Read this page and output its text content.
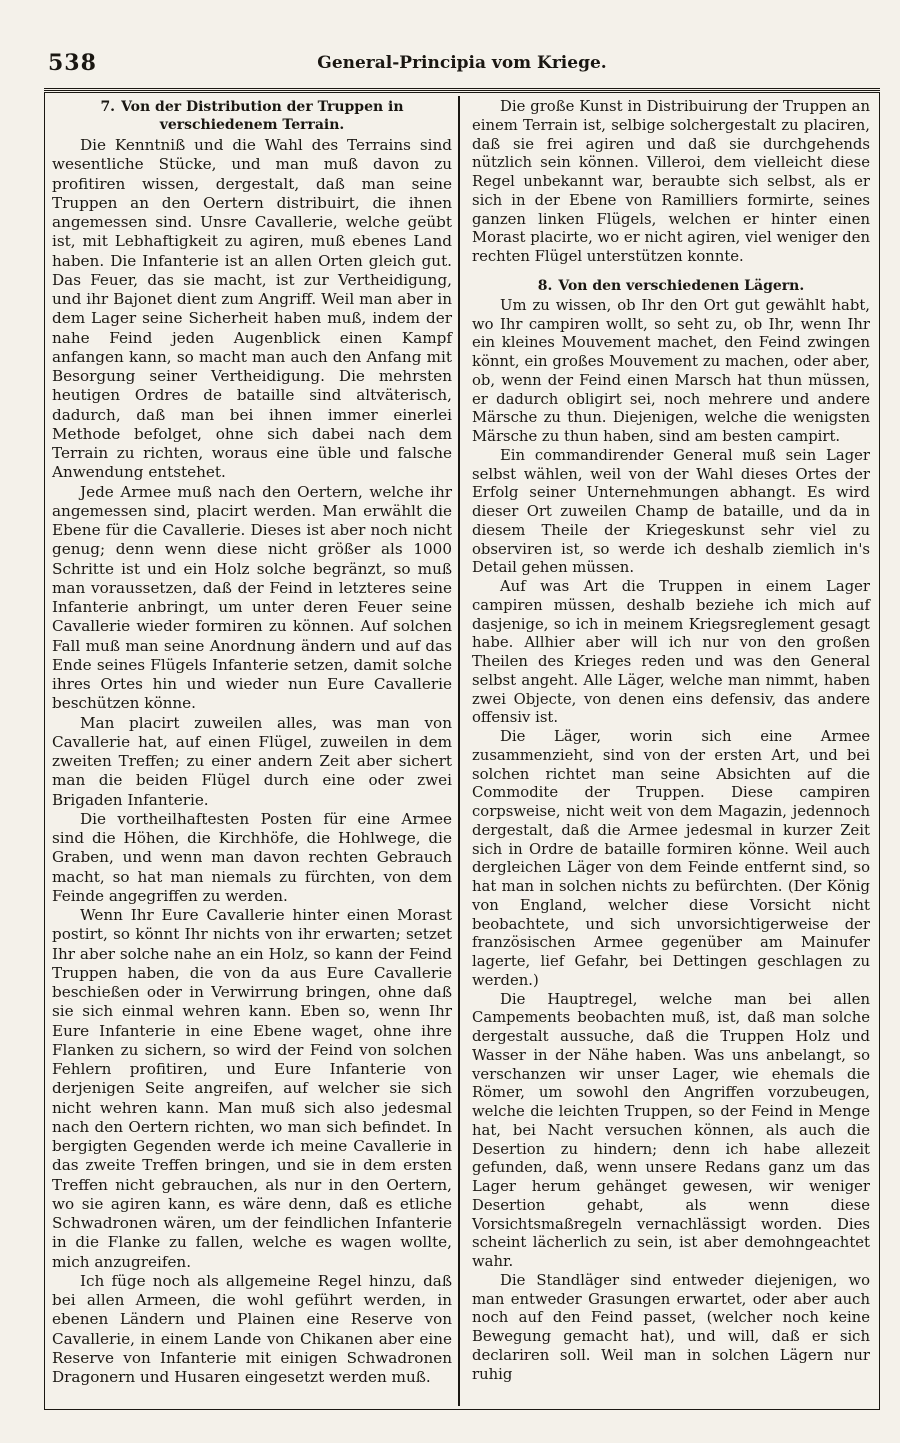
538	General-Principia vom Kriege.
7. Von der Distribution der Truppen in verschiedenem Terrain.

Die Kenntniß und die Wahl des Terrains sind wesentliche Stücke, und man muß davon zu profitiren wissen, dergestalt, daß man seine Truppen an den Oertern distribuirt, die ihnen angemessen sind. Unsre Cavallerie, welche geübt ist, mit Lebhaftigkeit zu agiren, muß ebenes Land haben. Die Infanterie ist an allen Orten gleich gut. Das Feuer, das sie macht, ist zur Vertheidigung, und ihr Bajonet dient zum Angriff. Weil man aber in dem Lager seine Sicherheit haben muß, indem der nahe Feind jeden Augenblick einen Kampf anfangen kann, so macht man auch den Anfang mit Besorgung seiner Vertheidigung. Die mehrsten heutigen Ordres de bataille sind altväterisch, dadurch, daß man bei ihnen immer einerlei Methode befolget, ohne sich dabei nach dem Terrain zu richten, woraus eine üble und falsche Anwendung entstehet.

Jede Armee muß nach den Oertern, welche ihr angemessen sind, placirt werden. Man erwählt die Ebene für die Cavallerie. Dieses ist aber noch nicht genug; denn wenn diese nicht größer als 1000 Schritte ist und ein Holz solche begränzt, so muß man voraussetzen, daß der Feind in letzteres seine Infanterie anbringt, um unter deren Feuer seine Cavallerie wieder formiren zu können. Auf solchen Fall muß man seine Anordnung ändern und auf das Ende seines Flügels Infanterie setzen, damit solche ihres Ortes hin und wieder nun Eure Cavallerie beschützen könne.

Man placirt zuweilen alles, was man von Cavallerie hat, auf einen Flügel, zuweilen in dem zweiten Treffen; zu einer andern Zeit aber sichert man die beiden Flügel durch eine oder zwei Brigaden Infanterie.

Die vortheilhaftesten Posten für eine Armee sind die Höhen, die Kirchhöfe, die Hohlwege, die Graben, und wenn man davon rechten Gebrauch macht, so hat man niemals zu fürchten, von dem Feinde angegriffen zu werden.

Wenn Ihr Eure Cavallerie hinter einen Morast postirt, so könnt Ihr nichts von ihr erwarten; setzet Ihr aber solche nahe an ein Holz, so kann der Feind Truppen haben, die von da aus Eure Cavallerie beschießen oder in Verwirrung bringen, ohne daß sie sich einmal wehren kann. Eben so, wenn Ihr Eure Infanterie in eine Ebene waget, ohne ihre Flanken zu sichern, so wird der Feind von solchen Fehlern profitiren, und Eure Infanterie von derjenigen Seite angreifen, auf welcher sie sich nicht wehren kann. Man muß sich also jedesmal nach den Oertern richten, wo man sich befindet. In bergigten Gegenden werde ich meine Cavallerie in das zweite Treffen bringen, und sie in dem ersten Treffen nicht gebrauchen, als nur in den Oertern, wo sie agiren kann, es wäre denn, daß es etliche Schwadronen wären, um der feindlichen Infanterie in die Flanke zu fallen, welche es wagen wollte, mich anzugreifen.

Ich füge noch als allgemeine Regel hinzu, daß bei allen Armeen, die wohl geführt werden, in ebenen Ländern und Plainen eine Reserve von Cavallerie, in einem Lande von Chikanen aber eine Reserve von Infanterie mit einigen Schwadronen Dragonern und Husaren eingesetzt werden muß.

Die große Kunst in Distribuirung der Truppen an einem Terrain ist, selbige solchergestalt zu placiren, daß sie frei agiren und daß sie durchgehends nützlich sein können. Villeroi, dem vielleicht diese Regel unbekannt war, beraubte sich selbst, als er sich in der Ebene von Ramilliers formirte, seines ganzen linken Flügels, welchen er hinter einen Morast placirte, wo er nicht agiren, viel weniger den rechten Flügel unterstützen konnte.

8. Von den verschiedenen Lägern.

Um zu wissen, ob Ihr den Ort gut gewählt habt, wo Ihr campiren wollt, so seht zu, ob Ihr, wenn Ihr ein kleines Mouvement machet, den Feind zwingen könnt, ein großes Mouvement zu machen, oder aber, ob, wenn der Feind einen Marsch hat thun müssen, er dadurch obligirt sei, noch mehrere und andere Märsche zu thun. Diejenigen, welche die wenigsten Märsche zu thun haben, sind am besten campirt.

Ein commandirender General muß sein Lager selbst wählen, weil von der Wahl dieses Ortes der Erfolg seiner Unternehmungen abhangt. Es wird dieser Ort zuweilen Champ de bataille, und da in diesem Theile der Kriegeskunst sehr viel zu observiren ist, so werde ich deshalb ziemlich in's Detail gehen müssen.

Auf was Art die Truppen in einem Lager campiren müssen, deshalb beziehe ich mich auf dasjenige, so ich in meinem Kriegsreglement gesagt habe. Allhier aber will ich nur von den großen Theilen des Krieges reden und was den General selbst angeht. Alle Läger, welche man nimmt, haben zwei Objecte, von denen eins defensiv, das andere offensiv ist.

Die Läger, worin sich eine Armee zusammenzieht, sind von der ersten Art, und bei solchen richtet man seine Absichten auf die Commodite der Truppen. Diese campiren corpsweise, nicht weit von dem Magazin, jedennoch dergestalt, daß die Armee jedesmal in kurzer Zeit sich in Ordre de bataille formiren könne. Weil auch dergleichen Läger von dem Feinde entfernt sind, so hat man in solchen nichts zu befürchten. (Der König von England, welcher diese Vorsicht nicht beobachtete, und sich unvorsichtigerweise der französischen Armee gegenüber am Mainufer lagerte, lief Gefahr, bei Dettingen geschlagen zu werden.)

Die Hauptregel, welche man bei allen Campements beobachten muß, ist, daß man solche dergestalt aussuche, daß die Truppen Holz und Wasser in der Nähe haben. Was uns anbelangt, so verschanzen wir unser Lager, wie ehemals die Römer, um sowohl den Angriffen vorzubeugen, welche die leichten Truppen, so der Feind in Menge hat, bei Nacht versuchen können, als auch die Desertion zu hindern; denn ich habe allezeit gefunden, daß, wenn unsere Redans ganz um das Lager herum gehänget gewesen, wir weniger Desertion gehabt, als wenn diese Vorsichtsmaßregeln vernachlässigt worden. Dies scheint lächerlich zu sein, ist aber demohngeachtet wahr.

Die Standläger sind entweder diejenigen, wo man entweder Grasungen erwartet, oder aber auch noch auf den Feind passet, (welcher noch keine Bewegung gemacht hat), und will, daß er sich declariren soll. Weil man in solchen Lägern nur ruhig
